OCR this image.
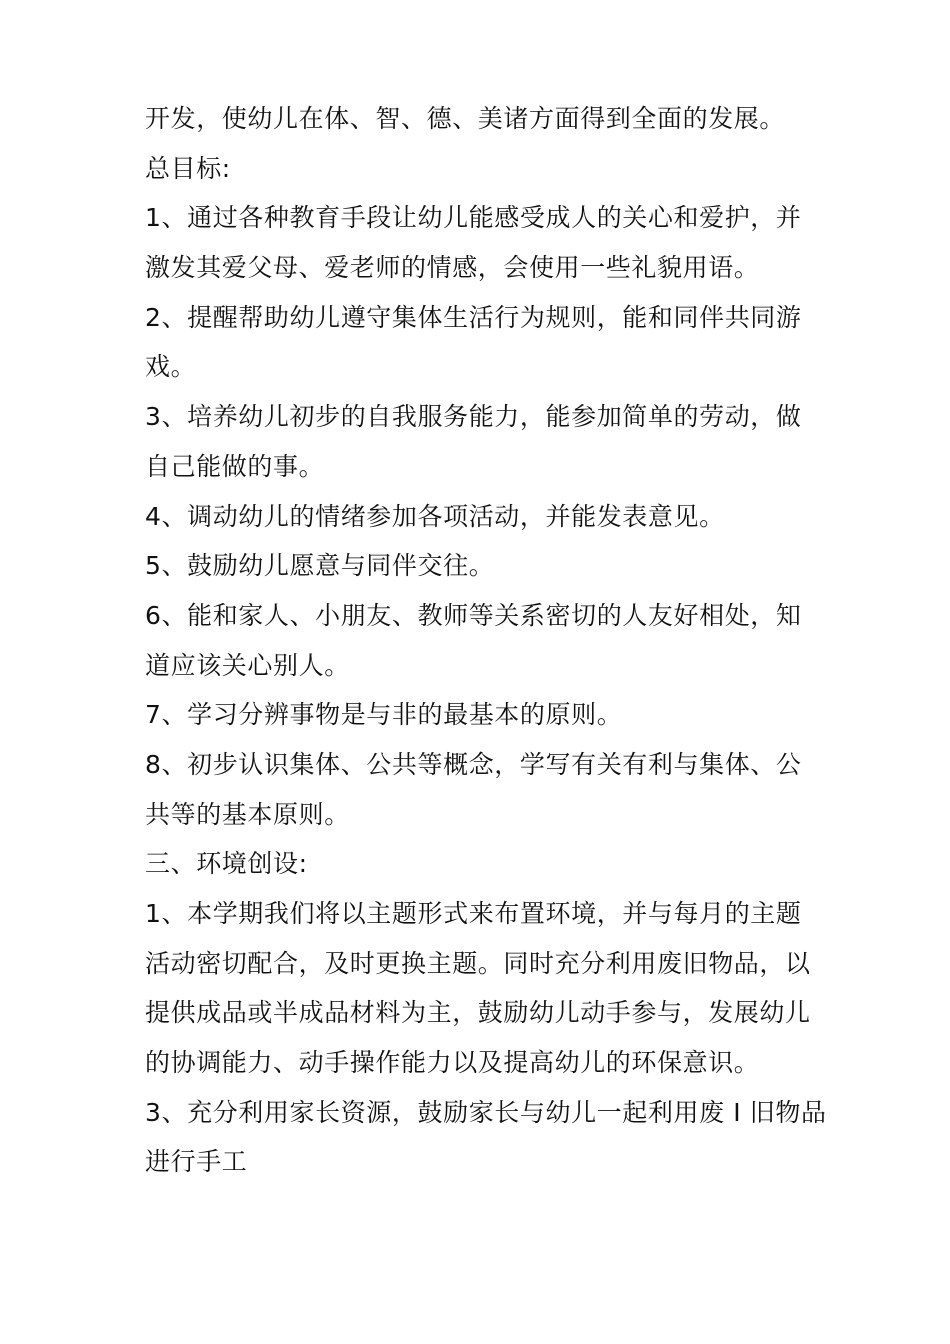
开发，使幼儿在体、智、德、美诸方面得到全面的发展。
总目标:
1、通过各种教育手段让幼儿能感受成人的关心和爱护，并
激发其爱父母、爱老师的情感，会使用一些礼貌用语。
2、提醒帮助幼儿遵守集体生活行为规则，能和同伴共同游
戏。
3、培养幼儿初步的自我服务能力，能参加简单的劳动，做
自己能做的事。
4、调动幼儿的情绪参加各项活动，并能发表意见。
5、鼓励幼儿愿意与同伴交往。
6、能和家人、小朋友、教师等关系密切的人友好相处，知
道应该关心别人。
7、学习分辨事物是与非的最基本的原则。
8、初步认识集体、公共等概念，学写有关有利与集体、公
共等的基本原则。
三、环境创设:
1、本学期我们将以主题形式来布置环境，并与每月的主题
活动密切配合，及时更换主题。同时充分利用废旧物品，以
提供成品或半成品材料为主，鼓励幼儿动手参与，发展幼儿
的协调能力、动手操作能力以及提高幼儿的环保意识。
3、充分利用家长资源，鼓励家长与幼儿一起利用废 I 旧物品
进行手工
